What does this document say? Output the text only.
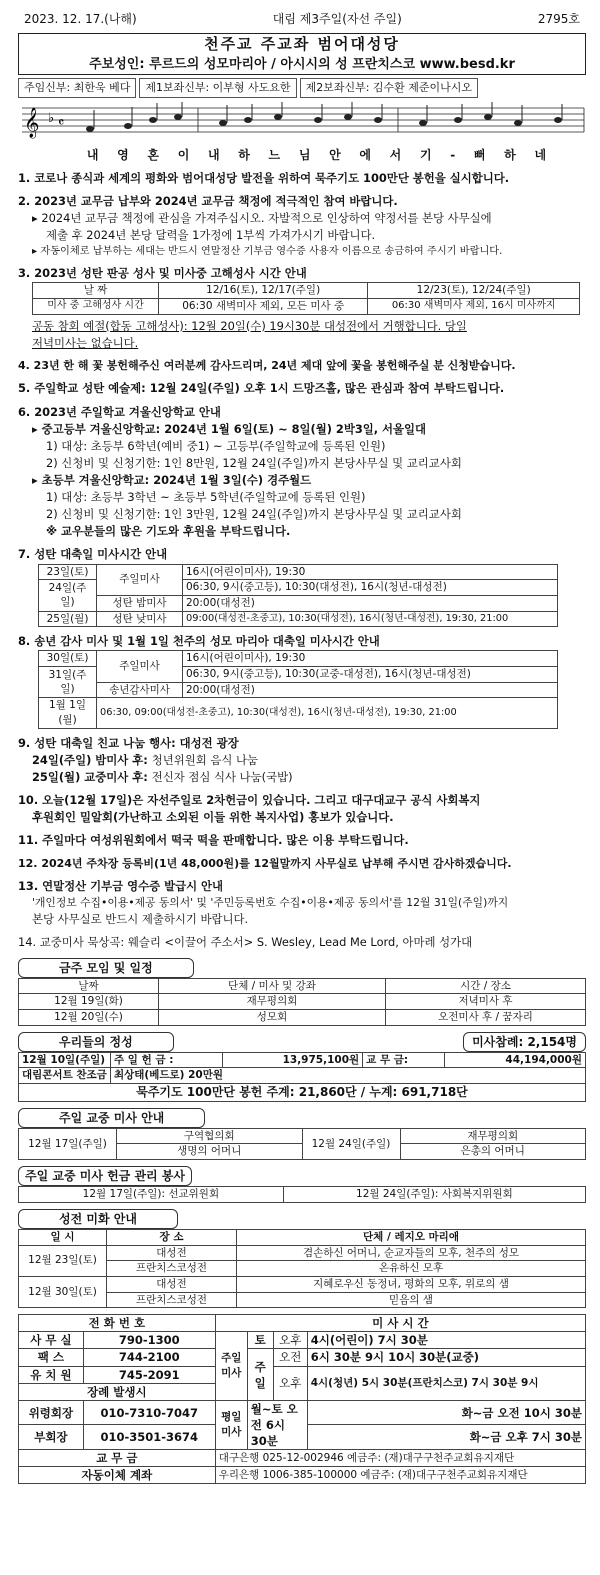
2023. 12. 17.(나해)	대림 제3주일(자선 주일)	2795호
천주교 주교좌 범어대성당
주보성인: 루르드의 성모마리아 / 아시시의 성 프란치스코 www.besd.kr
주임신부: 최한욱 베다	제1보좌신부: 이부형 사도요한	제2보좌신부: 김수환 제준이나시오
𝄞 ♭ 𝄴
내 영 혼 이 내 하 느 님 안 에 서 기 - 뻐 하 네
1. 코로나 종식과 세계의 평화와 범어대성당 발전을 위하여 묵주기도 100만단 봉헌을 실시합니다.
2. 2023년 교무금 납부와 2024년 교무금 책정에 적극적인 참여 바랍니다.
▸ 2024년 교무금 책정에 관심을 가져주십시오. 자발적으로 인상하여 약정서를 본당 사무실에
제출 후 2024년 본당 달력을 1가정에 1부씩 가져가시기 바랍니다.
▸ 자동이체로 납부하는 세대는 반드시 연말정산 기부금 영수증 사용자 이름으로 송금하여 주시기 바랍니다.
3. 2023년 성탄 판공 성사 및 미사중 고해성사 시간 안내
날 짜	12/16(토), 12/17(주일)	12/23(토), 12/24(주일)
미사 중 고해성사 시간	06:30 새벽미사 제외, 모든 미사 중	06:30 새벽미사 제외, 16시 미사까지
공동 참회 예절(합동 고해성사): 12월 20일(수) 19시30분 대성전에서 거행합니다. 당일
저녁미사는 없습니다.
4. 23년 한 해 꽃 봉헌해주신 여러분께 감사드리며, 24년 제대 앞에 꽃을 봉헌해주실 분 신청받습니다.
5. 주일학교 성탄 예술제: 12월 24일(주일) 오후 1시 드망즈홀, 많은 관심과 참여 부탁드립니다.
6. 2023년 주일학교 겨울신앙학교 안내
▸ 중고등부 겨울신앙학교: 2024년 1월 6일(토) ~ 8일(월) 2박3일, 서울일대
1) 대상: 초등부 6학년(예비 중1) ~ 고등부(주일학교에 등록된 인원)
2) 신청비 및 신청기한: 1인 8만원, 12월 24일(주일)까지 본당사무실 및 교리교사회
▸ 초등부 겨울신앙학교: 2024년 1월 3일(수) 경주월드
1) 대상: 초등부 3학년 ~ 초등부 5학년(주일학교에 등록된 인원)
2) 신청비 및 신청기한: 1인 3만원, 12월 24일(주일)까지 본당사무실 및 교리교사회
※ 교우분들의 많은 기도와 후원을 부탁드립니다.
7. 성탄 대축일 미사시간 안내
23일(토)	주일미사	16시(어린이미사), 19:30
24일(주일)		06:30, 9시(중고등), 10:30(대성전), 16시(청년-대성전)
	성탄 밤미사	20:00(대성전)
25일(월)	성탄 낮미사	09:00(대성전-초중고), 10:30(대성전), 16시(청년-대성전), 19:30, 21:00
8. 송년 감사 미사 및 1월 1일 천주의 성모 마리아 대축일 미사시간 안내
30일(토)	주일미사	16시(어린이미사), 19:30
31일(주일)		06:30, 9시(중고등), 10:30(교중-대성전), 16시(청년-대성전)
	송년감사미사	20:00(대성전)
1월 1일(월)	06:30, 09:00(대성전-초중고), 10:30(대성전), 16시(청년-대성전), 19:30, 21:00	
9. 성탄 대축일 친교 나눔 행사: 대성전 광장
24일(주일) 밤미사 후: 청년위원회 음식 나눔
25일(월) 교중미사 후: 전신자 점심 식사 나눔(국밥)
10. 오늘(12월 17일)은 자선주일로 2차헌금이 있습니다. 그리고 대구대교구 공식 사회복지
후원회인 밀알회(가난하고 소외된 이들 위한 복지사업) 홍보가 있습니다.
11. 주일마다 여성위원회에서 떡국 떡을 판매합니다. 많은 이용 부탁드립니다.
12. 2024년 주차장 등록비(1년 48,000원)를 12월말까지 사무실로 납부해 주시면 감사하겠습니다.
13. 연말정산 기부금 영수증 발급시 안내
'개인정보 수집•이용•제공 동의서' 및 '주민등록번호 수집•이용•제공 동의서'를 12월 31일(주일)까지
본당 사무실로 반드시 제출하시기 바랍니다.
14. 교중미사 묵상곡: 웨슬리 <이끌어 주소서> S. Wesley, Lead Me Lord, 아마레 성가대
금주 모임 및 일정
날짜	단체 / 미사 및 강좌	시간 / 장소
12월 19일(화)	재무평의회	저녁미사 후
12월 20일(수)	성모회	오전미사 후 / 꿈자리
우리들의 정성	미사참례: 2,154명
12월 10일(주일)	주 일 헌 금 :	13,975,100원	교 무 금:	44,194,000원
대림콘서트 찬조금	최상태(베드로) 20만원			
묵주기도 100만단 봉헌 주계: 21,860단 / 누계: 691,718단				
주일 교중 미사 안내
12월 17일(주일)	구역협의회	12월 24일(주일)	재무평의회
	생명의 어머니		은총의 어머니
주일 교중 미사 헌금 관리 봉사
12월 17일(주일): 선교위원회	12월 24일(주일): 사회복지위원회
성전 미화 안내
일 시	장 소	단체 / 레지오 마리애
12월 23일(토)	대성전	겸손하신 어머니, 순교자들의 모후, 천주의 성모
	프란치스코성전	온유하신 모후
12월 30일(토)	대성전	지혜로우신 동정녀, 평화의 모후, 위로의 샘
	프란치스코성전	믿음의 샘
전 화 번 호		미 사 시 간			
사 무 실	790-1300	주일 미사	토	오후	4시(어린이) 7시 30분
팩 스	744-2100		주일	오전	6시 30분 9시 10시 30분(교중)
유 치 원	745-2091			오후	4시(청년) 5시 30분(프란치스코) 7시 30분 9시
장례 발생시					
위령회장	010-7310-7047	평일 미사	월~토 오전 6시 30분		화~금 오전 10시 30분
부회장	010-3501-3674				화~금 오후 7시 30분
교 무 금		대구은행 025-12-002946 예금주: (재)대구구천주교회유지재단			
자동이체 계좌		우리은행 1006-385-100000 예금주: (재)대구구천주교회유지재단			
